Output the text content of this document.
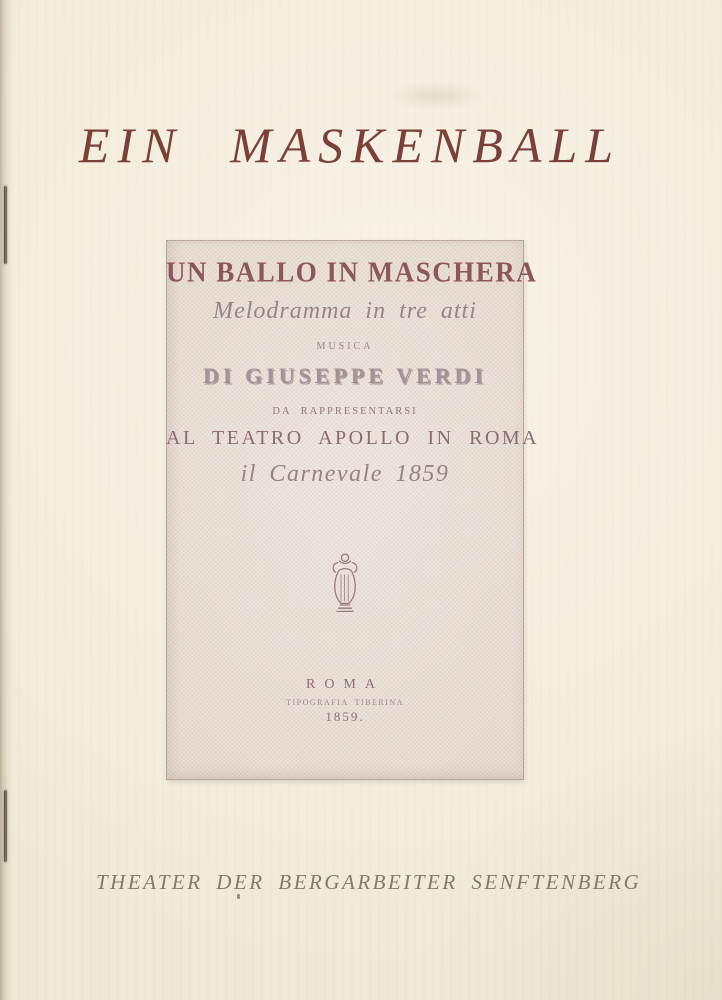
EIN MASKENBALL
UN BALLO IN MASCHERA
Melodramma in tre atti
MUSICA
DI GIUSEPPE VERDI
DA RAPPRESENTARSI
AL TEATRO APOLLO IN ROMA
il Carnevale 1859
ROMA
TIPOGRAFIA TIBERINA
1859.
THEATER DER BERGARBEITER SENFTENBERG
